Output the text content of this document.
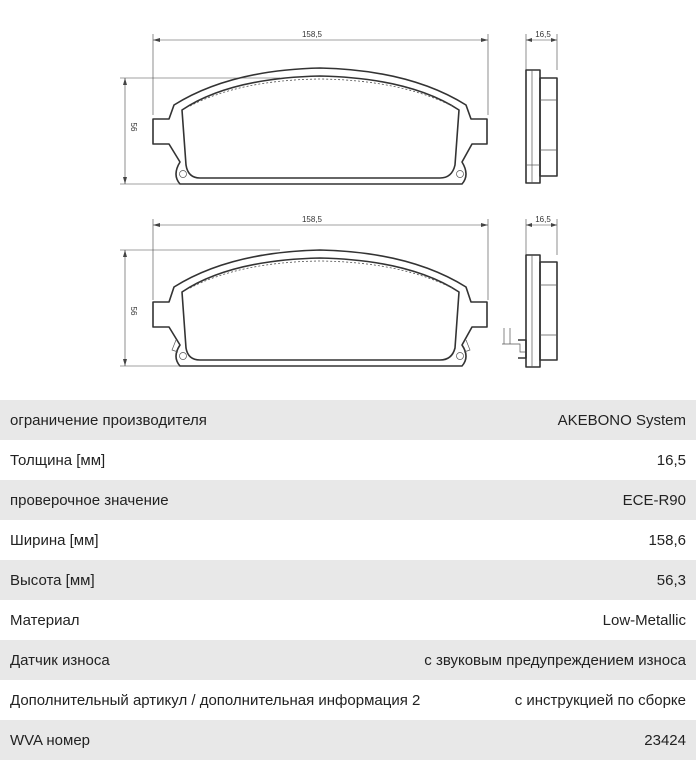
158,5
56
16,5
158,5
56
16,5
ограничение производителя	AKEBONO System
Толщина [мм]	16,5
проверочное значение	ECE-R90
Ширина [мм]	158,6
Высота [мм]	56,3
Материал	Low-Metallic
Датчик износа	с звуковым предупреждением износа
Дополнительный артикул / дополнительная информация 2	с инструкцией по сборке
WVA номер	23424
